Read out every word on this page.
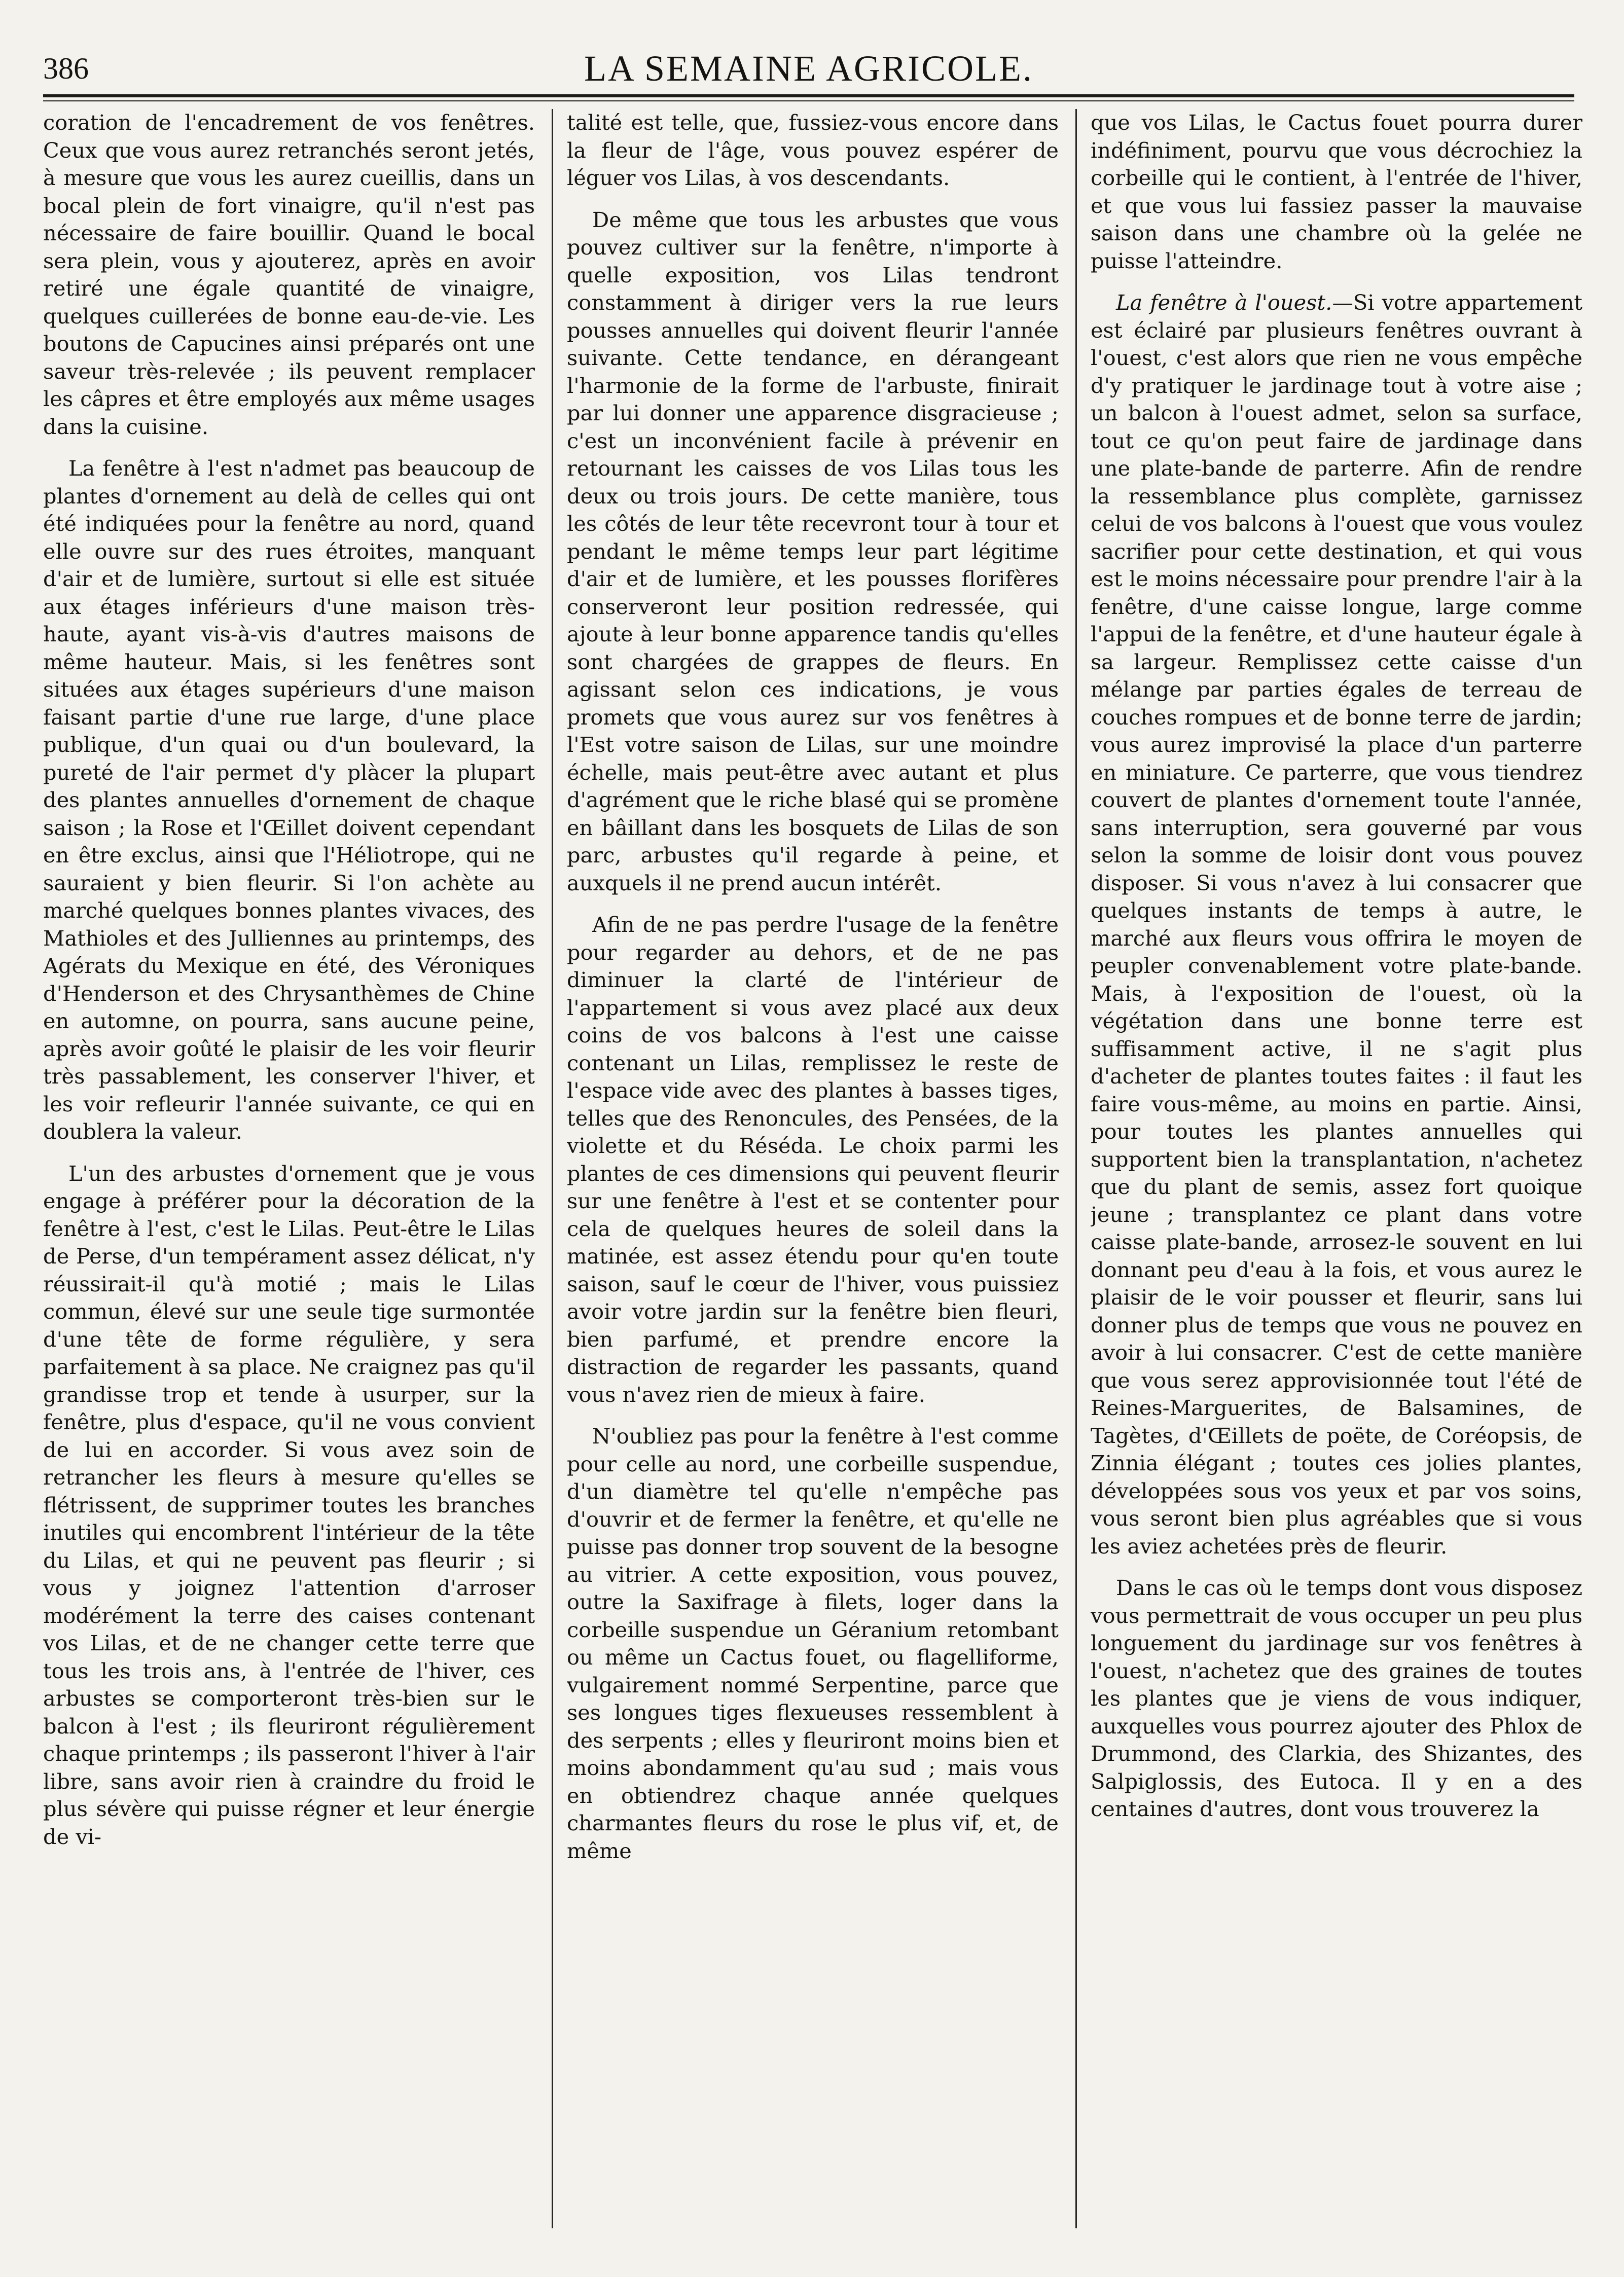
386	LA SEMAINE AGRICOLE.

coration de l'encadrement de vos fenêtres. Ceux que vous aurez retranchés seront jetés, à mesure que vous les aurez cueillis, dans un bocal plein de fort vinaigre, qu'il n'est pas nécessaire de faire bouillir. Quand le bocal sera plein, vous y ajouterez, après en avoir retiré une égale quantité de vinaigre, quelques cuillerées de bonne eau-de-vie. Les boutons de Capucines ainsi préparés ont une saveur très-relevée ; ils peuvent remplacer les câpres et être employés aux même usages dans la cuisine.

La fenêtre à l'est n'admet pas beaucoup de plantes d'ornement au delà de celles qui ont été indiquées pour la fenêtre au nord, quand elle ouvre sur des rues étroites, manquant d'air et de lumière, surtout si elle est située aux étages inférieurs d'une maison très-haute, ayant vis-à-vis d'autres maisons de même hauteur. Mais, si les fenêtres sont situées aux étages supérieurs d'une maison faisant partie d'une rue large, d'une place publique, d'un quai ou d'un boulevard, la pureté de l'air permet d'y plàcer la plupart des plantes annuelles d'ornement de chaque saison ; la Rose et l'Œillet doivent cependant en être exclus, ainsi que l'Héliotrope, qui ne sauraient y bien fleurir. Si l'on achète au marché quelques bonnes plantes vivaces, des Mathioles et des Julliennes au printemps, des Agérats du Mexique en été, des Véroniques d'Henderson et des Chrysanthèmes de Chine en automne, on pourra, sans aucune peine, après avoir goûté le plaisir de les voir fleurir très passablement, les conserver l'hiver, et les voir refleurir l'année suivante, ce qui en doublera la valeur.

L'un des arbustes d'ornement que je vous engage à préférer pour la décoration de la fenêtre à l'est, c'est le Lilas. Peut-être le Lilas de Perse, d'un tempérament assez délicat, n'y réussirait-il qu'à motié ; mais le Lilas commun, élevé sur une seule tige surmontée d'une tête de forme régulière, y sera parfaitement à sa place. Ne craignez pas qu'il grandisse trop et tende à usurper, sur la fenêtre, plus d'espace, qu'il ne vous convient de lui en accorder. Si vous avez soin de retrancher les fleurs à mesure qu'elles se flétrissent, de supprimer toutes les branches inutiles qui encombrent l'intérieur de la tête du Lilas, et qui ne peuvent pas fleurir ; si vous y joignez l'attention d'arroser modérément la terre des caises contenant vos Lilas, et de ne changer cette terre que tous les trois ans, à l'entrée de l'hiver, ces arbustes se comporteront très-bien sur le balcon à l'est ; ils fleuriront régulièrement chaque printemps ; ils passeront l'hiver à l'air libre, sans avoir rien à craindre du froid le plus sévère qui puisse régner et leur énergie de vi-

talité est telle, que, fussiez-vous encore dans la fleur de l'âge, vous pouvez espérer de léguer vos Lilas, à vos descendants.

De même que tous les arbustes que vous pouvez cultiver sur la fenêtre, n'importe à quelle exposition, vos Lilas tendront constamment à diriger vers la rue leurs pousses annuelles qui doivent fleurir l'année suivante. Cette tendance, en dérangeant l'harmonie de la forme de l'arbuste, finirait par lui donner une apparence disgracieuse ; c'est un inconvénient facile à prévenir en retournant les caisses de vos Lilas tous les deux ou trois jours. De cette manière, tous les côtés de leur tête recevront tour à tour et pendant le même temps leur part légitime d'air et de lumière, et les pousses florifères conserveront leur position redressée, qui ajoute à leur bonne apparence tandis qu'elles sont chargées de grappes de fleurs. En agissant selon ces indications, je vous promets que vous aurez sur vos fenêtres à l'Est votre saison de Lilas, sur une moindre échelle, mais peut-être avec autant et plus d'agrément que le riche blasé qui se promène en bâillant dans les bosquets de Lilas de son parc, arbustes qu'il regarde à peine, et auxquels il ne prend aucun intérêt.

Afin de ne pas perdre l'usage de la fenêtre pour regarder au dehors, et de ne pas diminuer la clarté de l'intérieur de l'appartement si vous avez placé aux deux coins de vos balcons à l'est une caisse contenant un Lilas, remplissez le reste de l'espace vide avec des plantes à basses tiges, telles que des Renoncules, des Pensées, de la violette et du Réséda. Le choix parmi les plantes de ces dimensions qui peuvent fleurir sur une fenêtre à l'est et se contenter pour cela de quelques heures de soleil dans la matinée, est assez étendu pour qu'en toute saison, sauf le cœur de l'hiver, vous puissiez avoir votre jardin sur la fenêtre bien fleuri, bien parfumé, et prendre encore la distraction de regarder les passants, quand vous n'avez rien de mieux à faire.

N'oubliez pas pour la fenêtre à l'est comme pour celle au nord, une corbeille suspendue, d'un diamètre tel qu'elle n'empêche pas d'ouvrir et de fermer la fenêtre, et qu'elle ne puisse pas donner trop souvent de la besogne au vitrier. A cette exposition, vous pouvez, outre la Saxifrage à filets, loger dans la corbeille suspendue un Géranium retombant ou même un Cactus fouet, ou flagelliforme, vulgairement nommé Serpentine, parce que ses longues tiges flexueuses ressemblent à des serpents ; elles y fleuriront moins bien et moins abondamment qu'au sud ; mais vous en obtiendrez chaque année quelques charmantes fleurs du rose le plus vif, et, de même

que vos Lilas, le Cactus fouet pourra durer indéfiniment, pourvu que vous décrochiez la corbeille qui le contient, à l'entrée de l'hiver, et que vous lui fassiez passer la mauvaise saison dans une chambre où la gelée ne puisse l'atteindre.

La fenêtre à l'ouest.—Si votre appartement est éclairé par plusieurs fenêtres ouvrant à l'ouest, c'est alors que rien ne vous empêche d'y pratiquer le jardinage tout à votre aise ; un balcon à l'ouest admet, selon sa surface, tout ce qu'on peut faire de jardinage dans une plate-bande de parterre. Afin de rendre la ressemblance plus complète, garnissez celui de vos balcons à l'ouest que vous voulez sacrifier pour cette destination, et qui vous est le moins nécessaire pour prendre l'air à la fenêtre, d'une caisse longue, large comme l'appui de la fenêtre, et d'une hauteur égale à sa largeur. Remplissez cette caisse d'un mélange par parties égales de terreau de couches rompues et de bonne terre de jardin; vous aurez improvisé la place d'un parterre en miniature. Ce parterre, que vous tiendrez couvert de plantes d'ornement toute l'année, sans interruption, sera gouverné par vous selon la somme de loisir dont vous pouvez disposer. Si vous n'avez à lui consacrer que quelques instants de temps à autre, le marché aux fleurs vous offrira le moyen de peupler convenablement votre plate-bande. Mais, à l'exposition de l'ouest, où la végétation dans une bonne terre est suffisamment active, il ne s'agit plus d'acheter de plantes toutes faites : il faut les faire vous-même, au moins en partie. Ainsi, pour toutes les plantes annuelles qui supportent bien la transplantation, n'achetez que du plant de semis, assez fort quoique jeune ; transplantez ce plant dans votre caisse plate-bande, arrosez-le souvent en lui donnant peu d'eau à la fois, et vous aurez le plaisir de le voir pousser et fleurir, sans lui donner plus de temps que vous ne pouvez en avoir à lui consacrer. C'est de cette manière que vous serez approvisionnée tout l'été de Reines-Marguerites, de Balsamines, de Tagètes, d'Œillets de poëte, de Coréopsis, de Zinnia élégant ; toutes ces jolies plantes, développées sous vos yeux et par vos soins, vous seront bien plus agréables que si vous les aviez achetées près de fleurir.

Dans le cas où le temps dont vous disposez vous permettrait de vous occuper un peu plus longuement du jardinage sur vos fenêtres à l'ouest, n'achetez que des graines de toutes les plantes que je viens de vous indiquer, auxquelles vous pourrez ajouter des Phlox de Drummond, des Clarkia, des Shizantes, des Salpiglossis, des Eutoca. Il y en a des centaines d'autres, dont vous trouverez la
